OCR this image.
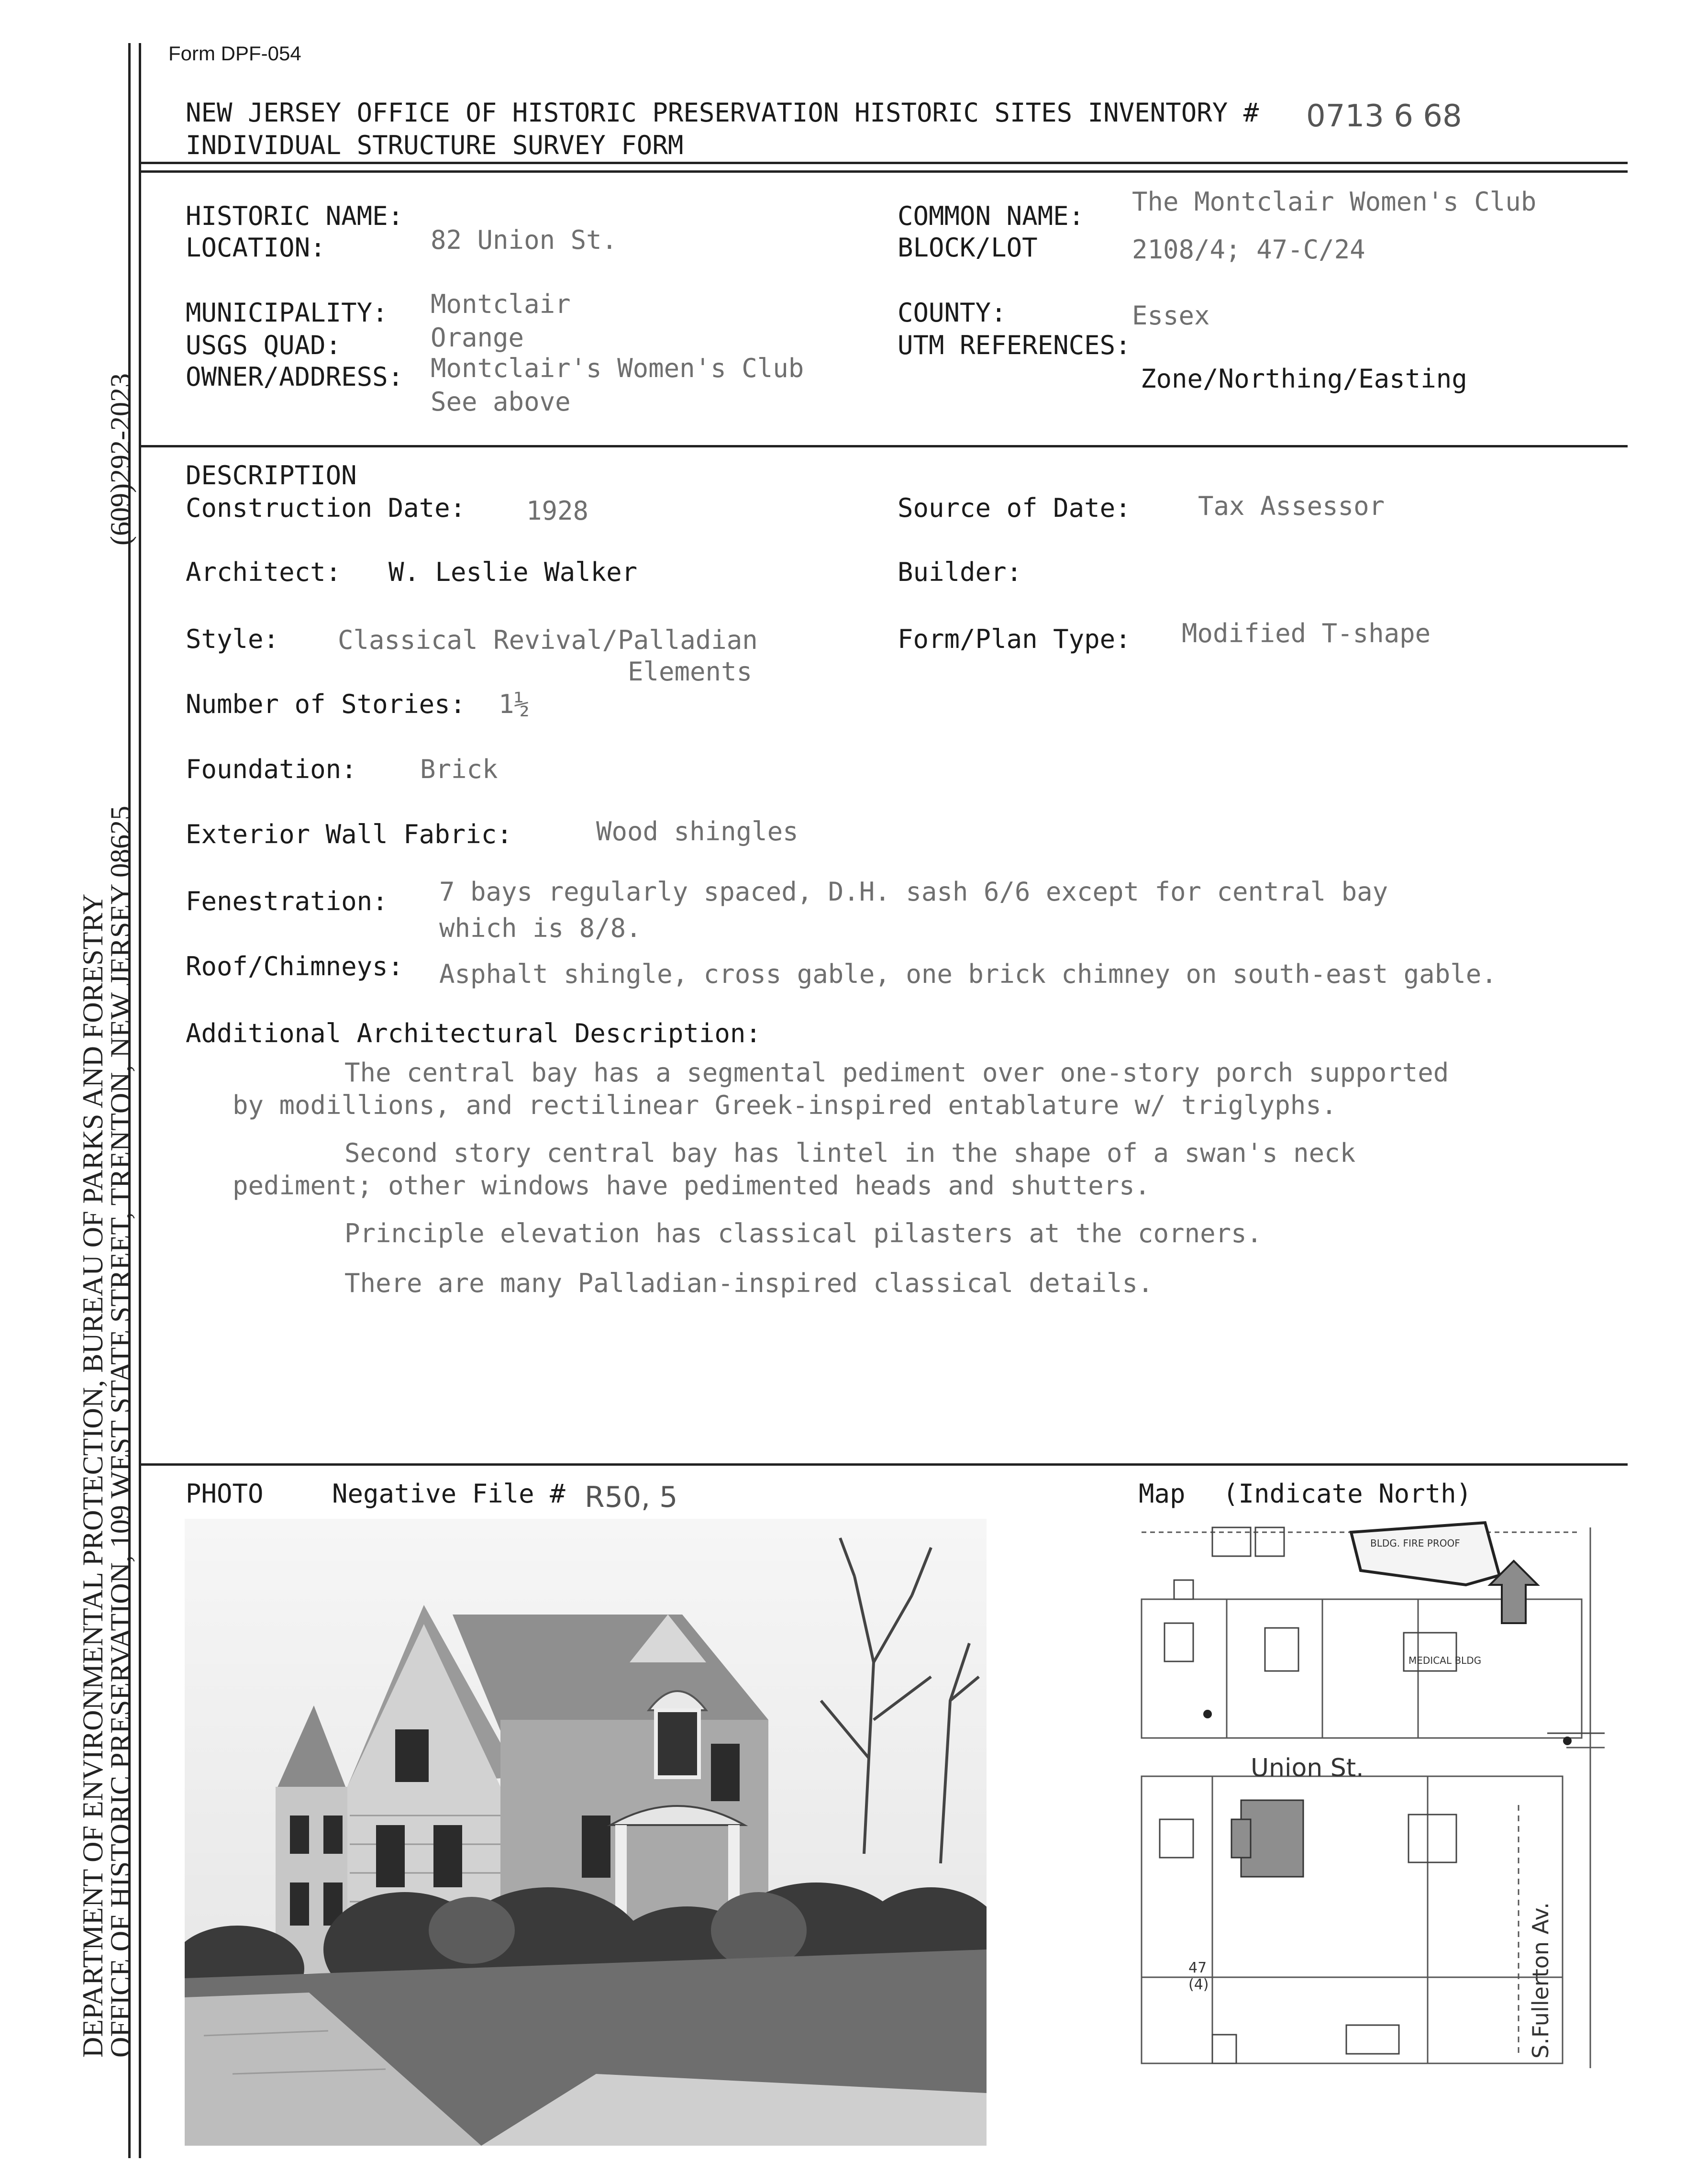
Form DPF-054
DEPARTMENT OF ENVIRONMENTAL PROTECTION, BUREAU OF PARKS AND FORESTRY
OFFICE OF HISTORIC PRESERVATION, 109 WEST STATE STREET, TRENTON, NEW JERSEY 08625
(609)292-2023
NEW JERSEY OFFICE OF HISTORIC PRESERVATION HISTORIC SITES INVENTORY # 0713 6 68
INDIVIDUAL STRUCTURE SURVEY FORM
HISTORIC NAME:
LOCATION:	82 Union St.
COMMON NAME: The Montclair Women's Club
BLOCK/LOT	2108/4; 47-C/24
MUNICIPALITY: Montclair
USGS QUAD:	Orange
OWNER/ADDRESS: Montclair's Women's Club
See above
COUNTY:	Essex
UTM REFERENCES:
Zone/Northing/Easting
DESCRIPTION
Construction Date: 1928	Source of Date:	Tax Assessor
Architect: W. Leslie Walker	Builder:
Style: Classical Revival/Palladian
Elements
Form/Plan Type: Modified T-shape
Number of Stories: 1½
Foundation: Brick
Exterior Wall Fabric:	Wood shingles
Fenestration: 7 bays regularly spaced, D.H. sash 6/6 except for central bay
which is 8/8.
Roof/Chimneys: Asphalt shingle, cross gable, one brick chimney on south-east gable.
Additional Architectural Description:
The central bay has a segmental pediment over one-story porch supported
by modillions, and rectilinear Greek-inspired entablature w/ triglyphs.
Second story central bay has lintel in the shape of a swan's neck
pediment; other windows have pedimented heads and shutters.
Principle elevation has classical pilasters at the corners.
There are many Palladian-inspired classical details.
PHOTO	Negative File # R50, 5	Map (Indicate North)
Union St.
S.Fullerton Av.
47
(4)
MEDICAL BLDG
BLDG. FIRE PROOF
